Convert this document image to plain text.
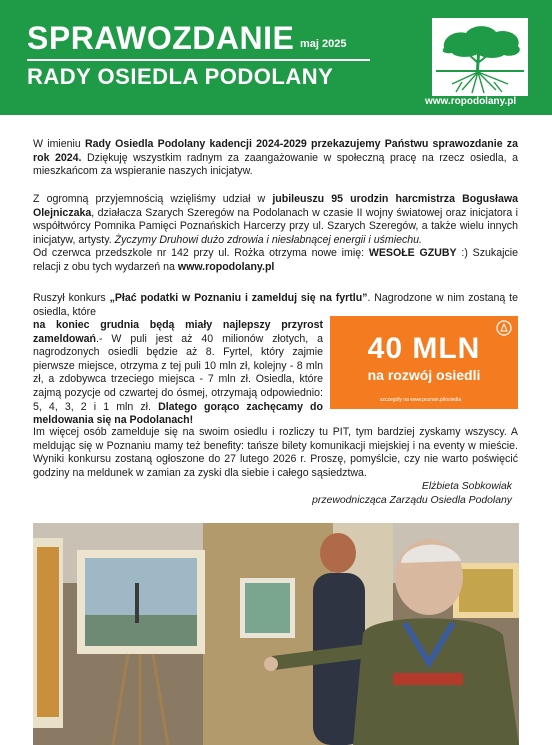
SPRAWOZDANIE maj 2025
RADY OSIEDLA PODOLANY
www.ropodolany.pl

W imieniu Rady Osiedla Podolany kadencji 2024-2029 przekazujemy Państwu sprawozdanie za rok 2024. Dziękuję wszystkim radnym za zaangażowanie w społeczną pracę na rzecz osiedla, a mieszkańcom za wspieranie naszych inicjatyw.

Z ogromną przyjemnością wzięliśmy udział w jubileuszu 95 urodzin harcmistrza Bogusława Olejniczaka, działacza Szarych Szeregów na Podolanach w czasie II wojny światowej oraz inicjatora i współtwórcy Pomnika Pamięci Poznańskich Harcerzy przy ul. Szarych Szeregów, a także wielu innych inicjatyw, artysty. Życzymy Druhowi dużo zdrowia i niesłabnącej energii i uśmiechu.
Od czerwca przedszkole nr 142 przy ul. Rożka otrzyma nowe imię: WESOŁE GZUBY :) Szukajcie relacji z obu tych wydarzeń na www.ropodolany.pl

Ruszył konkurs „Płać podatki w Poznaniu i zamelduj się na fyrtlu”. Nagrodzone w nim zostaną te osiedla, które

40 MLN
na rozwój osiedli
szczegóły na www.poznan.pl/osiedla

na koniec grudnia będą miały najlepszy przyrost zameldowań.- W puli jest aż 40 milionów złotych, a nagrodzonych osiedli będzie aż 8. Fyrtel, który zajmie pierwsze miejsce, otrzyma z tej puli 10 mln zł, kolejny - 8 mln zł, a zdobywca trzeciego miejsca - 7 mln zł. Osiedla, które zajmą pozycje od czwartej do ósmej, otrzymają odpowiednio: 5, 4, 3, 2 i 1 mln zł. Dlatego gorąco zachęcamy do meldowania się na Podolanach!

Im więcej osób zamelduje się na swoim osiedlu i rozliczy tu PIT, tym bardziej zyskamy wszyscy. A meldując się w Poznaniu mamy też benefity: tańsze bilety komunikacji miejskiej i na eventy w mieście. Wyniki konkursu zostaną ogłoszone do 27 lutego 2026 r. Proszę, pomyślcie, czy nie warto poświęcić godziny na meldunek w zamian za zyski dla siebie i całego sąsiedztwa.

Elżbieta Sobkowiak
przewodnicząca Zarządu Osiedla Podolany
